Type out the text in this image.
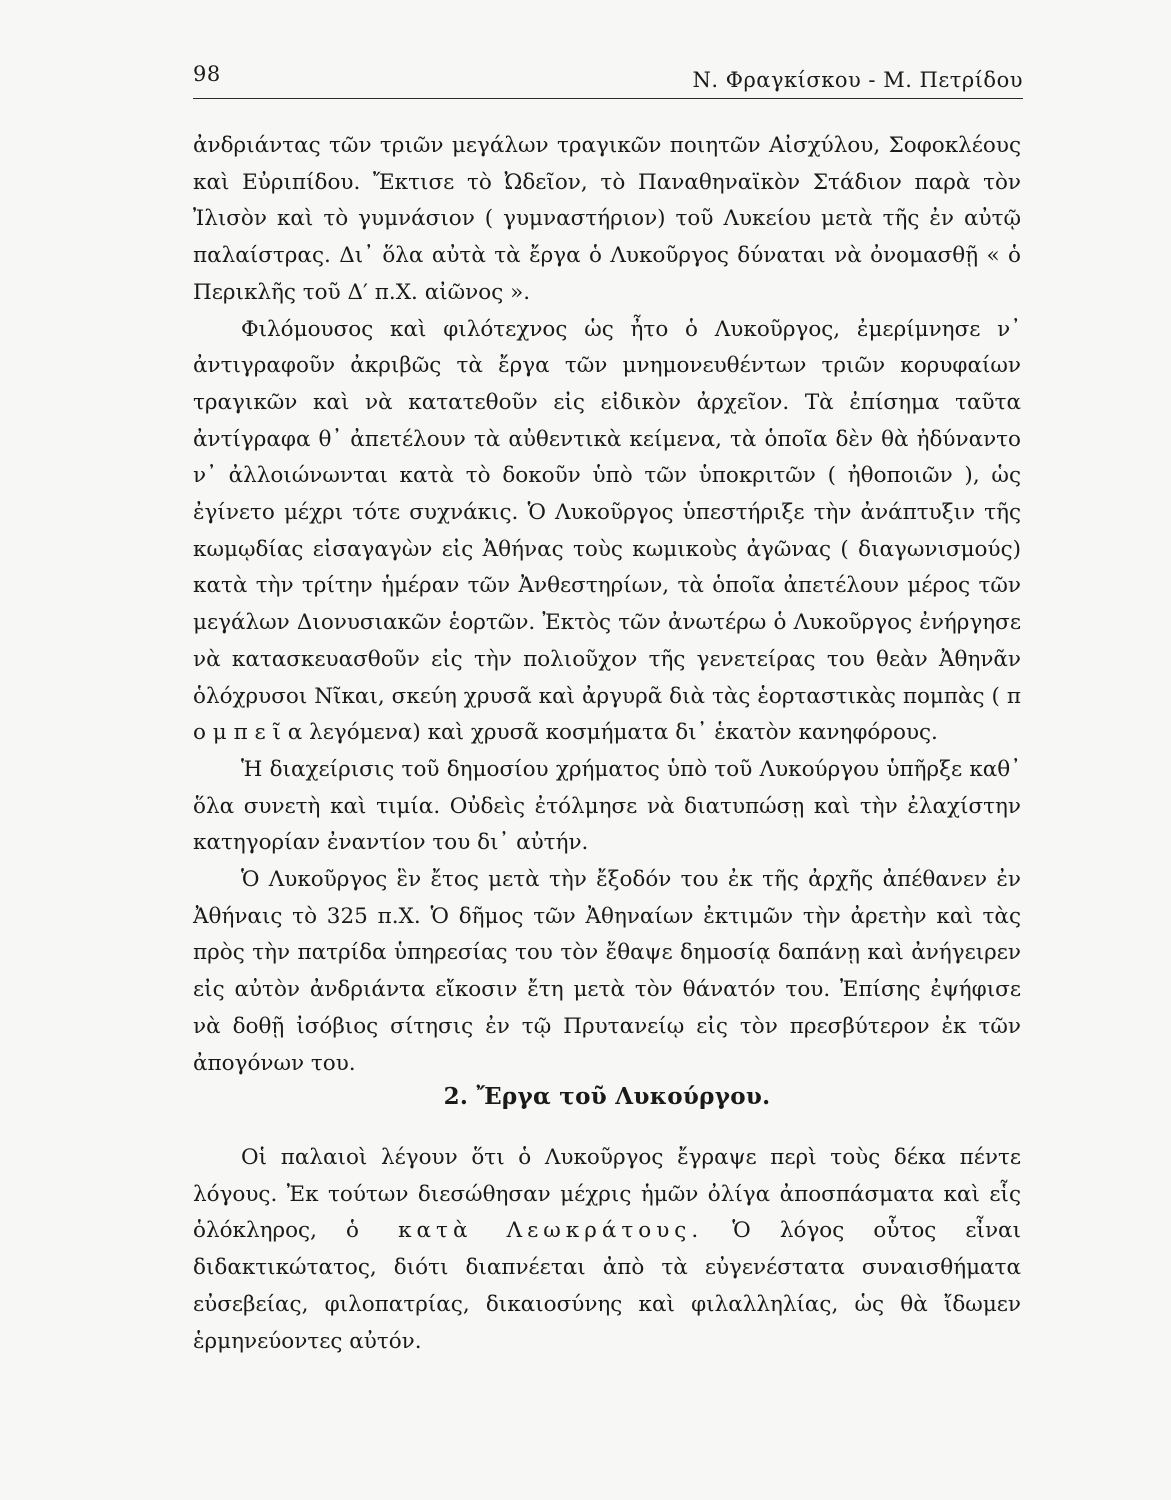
98	Ν. Φραγκίσκου - Μ. Πετρίδου

ἀνδριάντας τῶν τριῶν μεγάλων τραγικῶν ποιητῶν Αἰσχύλου, Σοφοκλέους καὶ Εὐριπίδου. Ἔκτισε τὸ Ὠδεῖον, τὸ Παναθηναϊκὸν Στάδιον παρὰ τὸν Ἰλισὸν καὶ τὸ γυμνάσιον ( γυμναστήριον) τοῦ Λυκείου μετὰ τῆς ἐν αὐτῷ παλαίστρας. Δι᾽ ὅλα αὐτὰ τὰ ἔργα ὁ Λυκοῦργος δύναται νὰ ὀνομασθῇ « ὁ Περικλῆς τοῦ Δ′ π.Χ. αἰῶνος ».

Φιλόμουσος καὶ φιλότεχνος ὡς ἦτο ὁ Λυκοῦργος, ἐμερίμνησε ν᾽ ἀντιγραφοῦν ἀκριβῶς τὰ ἔργα τῶν μνημονευθέντων τριῶν κορυφαίων τραγικῶν καὶ νὰ κατατεθοῦν εἰς εἰδικὸν ἀρχεῖον. Τὰ ἐπίσημα ταῦτα ἀντίγραφα θ᾽ ἀπετέλουν τὰ αὐθεντικὰ κείμενα, τὰ ὁποῖα δὲν θὰ ἠδύναντο ν᾽ ἀλλοιώνωνται κατὰ τὸ δοκοῦν ὑπὸ τῶν ὑποκριτῶν ( ἠθοποιῶν ), ὡς ἐγίνετο μέχρι τότε συχνάκις. Ὁ Λυκοῦργος ὑπεστήριξε τὴν ἀνάπτυξιν τῆς κωμῳδίας εἰσαγαγὼν εἰς Ἀθήνας τοὺς κωμικοὺς ἀγῶνας ( διαγωνισμούς) κατὰ τὴν τρίτην ἡμέραν τῶν Ἀνθεστηρίων, τὰ ὁποῖα ἀπετέλουν μέρος τῶν μεγάλων Διονυσιακῶν ἑορτῶν. Ἐκτὸς τῶν ἀνωτέρω ὁ Λυκοῦργος ἐνήργησε νὰ κατασκευασθοῦν εἰς τὴν πολιοῦχον τῆς γενετείρας του θεὰν Ἀθηνᾶν ὁλόχρυσοι Νῖκαι, σκεύη χρυσᾶ καὶ ἀργυρᾶ διὰ τὰς ἑορταστικὰς πομπὰς ( π ο μ π ε ῖ α λεγόμενα) καὶ χρυσᾶ κοσμήματα δι᾽ ἑκατὸν κανηφόρους.

Ἡ διαχείρισις τοῦ δημοσίου χρήματος ὑπὸ τοῦ Λυκούργου ὑπῆρξε καθ᾽ ὅλα συνετὴ καὶ τιμία. Οὐδεὶς ἐτόλμησε νὰ διατυπώσῃ καὶ τὴν ἐλαχίστην κατηγορίαν ἐναντίον του δι᾽ αὐτήν.

Ὁ Λυκοῦργος ἓν ἔτος μετὰ τὴν ἔξοδόν του ἐκ τῆς ἀρχῆς ἀπέθανεν ἐν Ἀθήναις τὸ 325 π.Χ. Ὁ δῆμος τῶν Ἀθηναίων ἐκτιμῶν τὴν ἀρετὴν καὶ τὰς πρὸς τὴν πατρίδα ὑπηρεσίας του τὸν ἔθαψε δημοσίᾳ δαπάνῃ καὶ ἀνήγειρεν εἰς αὐτὸν ἀνδριάντα εἴκοσιν ἔτη μετὰ τὸν θάνατόν του. Ἐπίσης ἐψήφισε νὰ δοθῇ ἰσόβιος σίτησις ἐν τῷ Πρυτανείῳ εἰς τὸν πρεσβύτερον ἐκ τῶν ἀπογόνων του.

2. Ἔργα τοῦ Λυκούργου.

Οἱ παλαιοὶ λέγουν ὅτι ὁ Λυκοῦργος ἔγραψε περὶ τοὺς δέκα πέντε λόγους. Ἐκ τούτων διεσώθησαν μέχρις ἡμῶν ὀλίγα ἀποσπάσματα καὶ εἷς ὁλόκληρος, ὁ κατὰ Λεωκράτους. Ὁ λόγος οὗτος εἶναι διδακτικώτατος, διότι διαπνέεται ἀπὸ τὰ εὐγενέστατα συναισθήματα εὐσεβείας, φιλοπατρίας, δικαιοσύνης καὶ φιλαλληλίας, ὡς θὰ ἴδωμεν ἑρμηνεύοντες αὐτόν.
